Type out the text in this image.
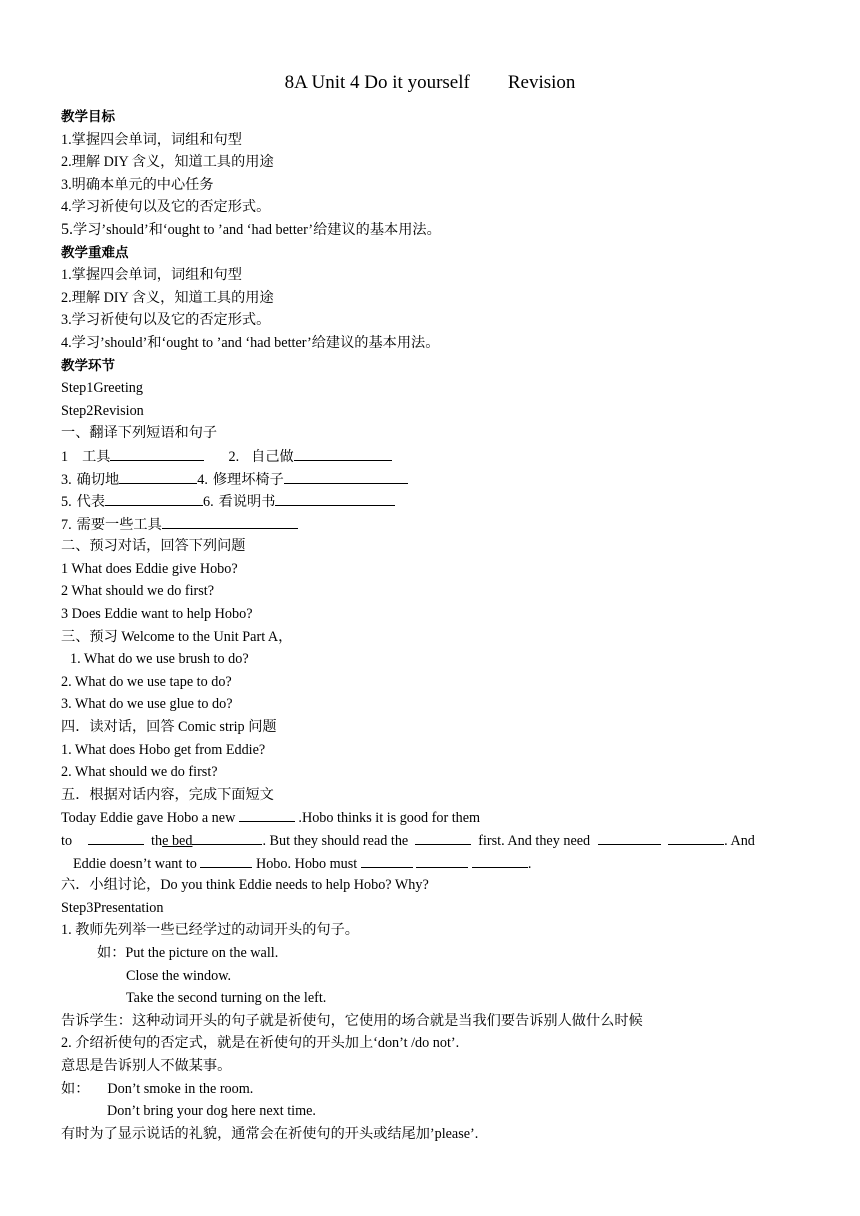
8A Unit 4 Do it yourself        Revision
教学目标
1.掌握四会单词，词组和句型
2.理解 DIY 含义，知道工具的用途
3.明确本单元的中心任务
4.学习祈使句以及它的否定形式。
5.学习’should’和‘ought to ’and ‘had better’给建议的基本用法。
教学重难点
1.掌握四会单词，词组和句型
2.理解 DIY 含义，知道工具的用途
3.学习祈使句以及它的否定形式。
4.学习’should’和‘ought to ’and ‘had better’给建议的基本用法。
教学环节
Step1Greeting
Step2Revision
一、翻译下列短语和句子
1 工具	2. 自己做
3. 确切地	4. 修理坏椅子
5. 代表	6. 看说明书
7. 需要一些工具
二、预习对话，回答下列问题
1 What does Eddie give Hobo?
2 What should we do first?
3 Does Eddie want to help Hobo?
三、预习 Welcome to the Unit Part A，
1. What do we use brush to do?
2. What do we use tape to do?
3. What do we use glue to do?
四．读对话，回答 Comic strip 问题
1. What does Hobo get from Eddie?
2. What should we do first?
五．根据对话内容，完成下面短文
Today Eddie gave Hobo a new	.Hobo thinks it is good for them
to	the bed	. But they should read the	first. And they need	. And
Eddie doesn’t want to	Hobo. Hobo must	.
六．小组讨论，Do you think Eddie needs to help Hobo? Why?
Step3Presentation
1. 教师先列举一些已经学过的动词开头的句子。
如：Put the picture on the wall.
Close the window.
Take the second turning on the left.
告诉学生：这种动词开头的句子就是祈使句，它使用的场合就是当我们要告诉别人做什么时候
2. 介绍祈使句的否定式，就是在祈使句的开头加上‘don’t /do not’.
意思是告诉别人不做某事。
如： Don’t smoke in the room.
Don’t bring your dog here next time.
有时为了显示说话的礼貌，通常会在祈使句的开头或结尾加’please’.
